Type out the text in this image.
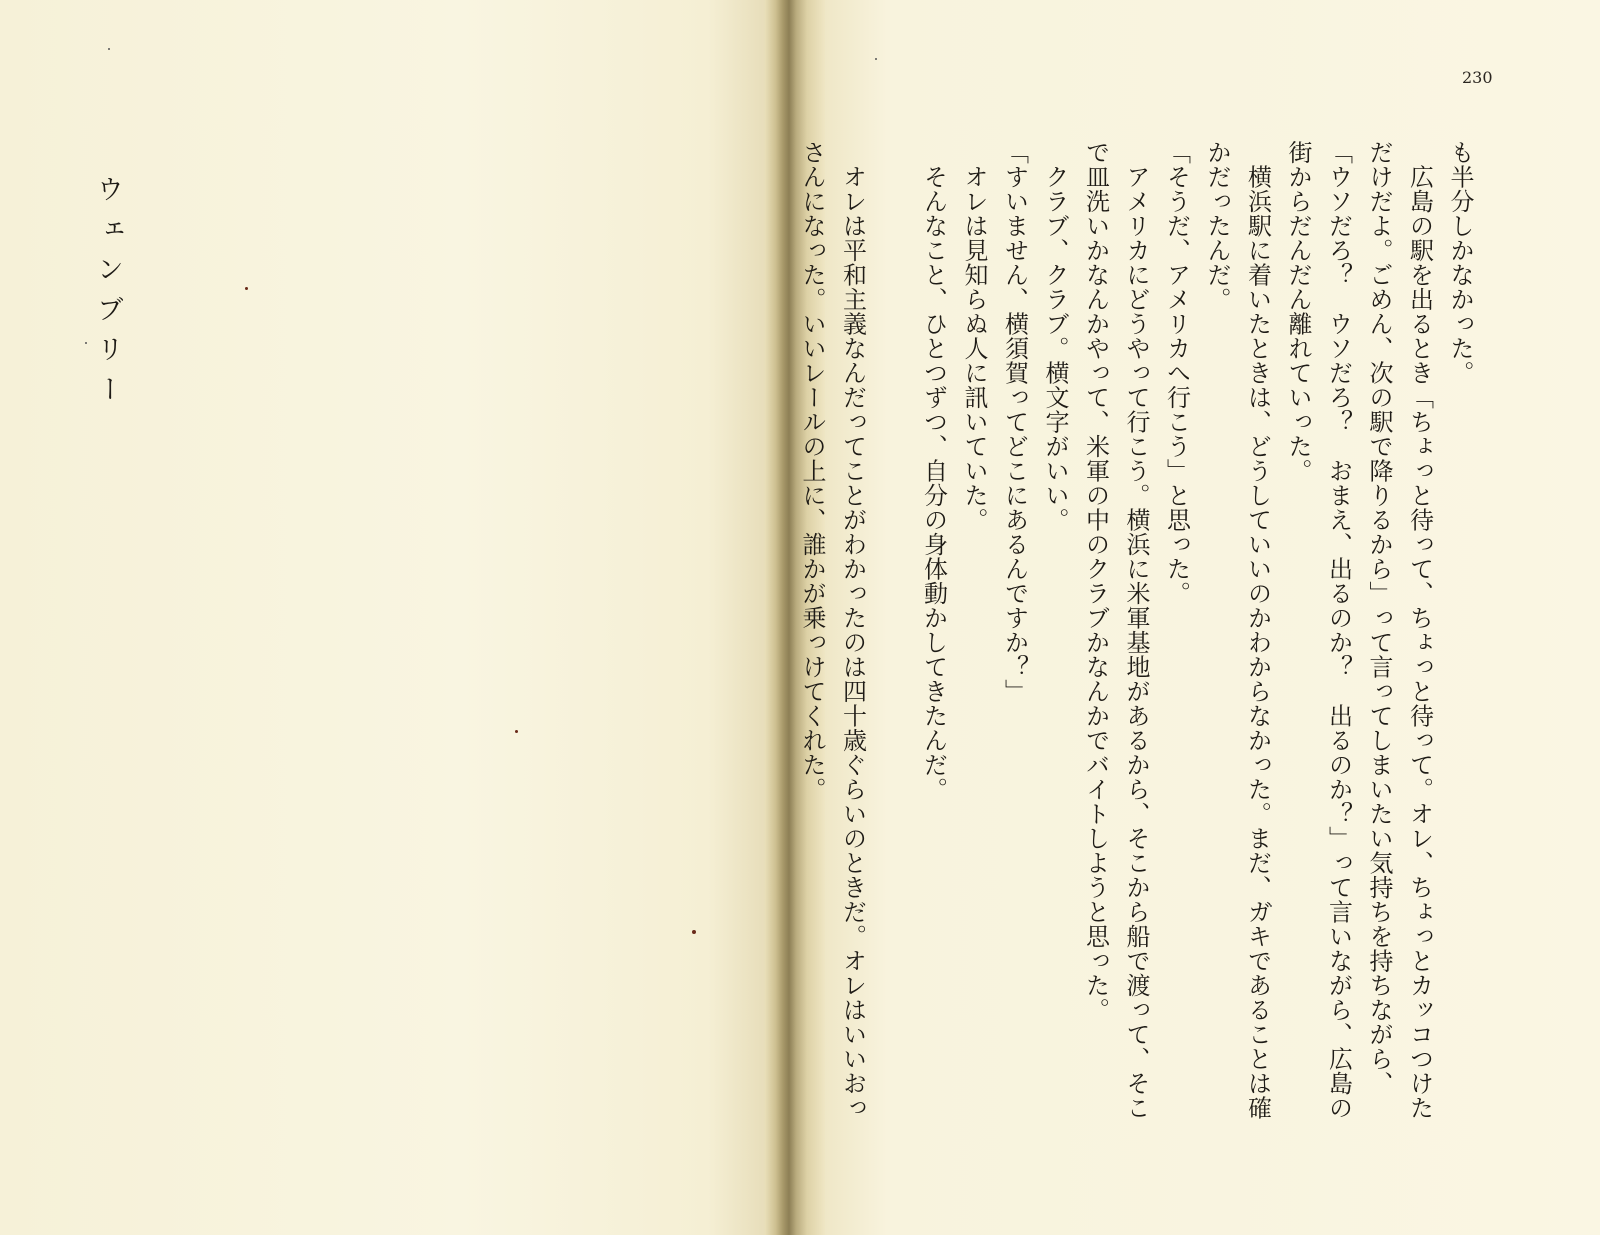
ウェンブリー
230
も半分しかなかった。
　広島の駅を出るとき「ちょっと待って、ちょっと待って。オレ、ちょっとカッコつけた
だけだよ。ごめん、次の駅で降りるから」って言ってしまいたい気持ちを持ちながら、
「ウソだろ？　ウソだろ？　おまえ、出るのか？　出るのか？」って言いながら、広島の
街からだんだん離れていった。
　横浜駅に着いたときは、どうしていいのかわからなかった。まだ、ガキであることは確
かだったんだ。
「そうだ、アメリカへ行こう」と思った。
　アメリカにどうやって行こう。横浜に米軍基地があるから、そこから船で渡って、そこ
で皿洗いかなんかやって、米軍の中のクラブかなんかでバイトしようと思った。
　クラブ、クラブ。横文字がいい。
「すいません、横須賀ってどこにあるんですか？」
　オレは見知らぬ人に訊いていた。
　そんなこと、ひとつずつ、自分の身体動かしてきたんだ。
　オレは平和主義なんだってことがわかったのは四十歳ぐらいのときだ。オレはいいおっ
さんになった。いいレールの上に、誰かが乗っけてくれた。
